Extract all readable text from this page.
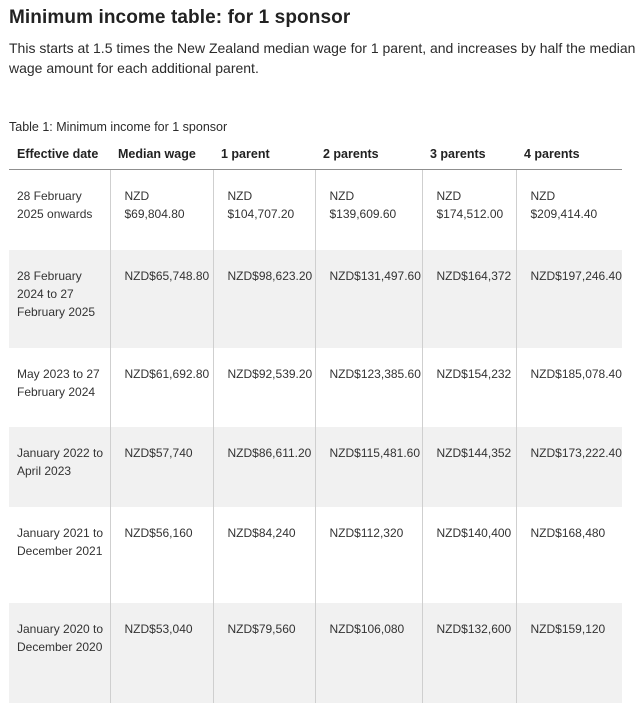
Minimum income table: for 1 sponsor

This starts at 1.5 times the New Zealand median wage for 1 parent, and increases by half the median wage amount for each additional parent.

Table 1: Minimum income for 1 sponsor

Effective date	Median wage	1 parent	2 parents	3 parents	4 parents
28 February 2025 onwards	NZD $69,804.80	NZD $104,707.20	NZD $139,609.60	NZD $174,512.00	NZD $209,414.40
28 February 2024 to 27 February 2025	NZD$65,748.80	NZD$98,623.20	NZD$131,497.60	NZD$164,372	NZD$197,246.40
May 2023 to 27 February 2024	NZD$61,692.80	NZD$92,539.20	NZD$123,385.60	NZD$154,232	NZD$185,078.40
January 2022 to April 2023	NZD$57,740	NZD$86,611.20	NZD$115,481.60	NZD$144,352	NZD$173,222.40
January 2021 to December 2021	NZD$56,160	NZD$84,240	NZD$112,320	NZD$140,400	NZD$168,480
January 2020 to December 2020	NZD$53,040	NZD$79,560	NZD$106,080	NZD$132,600	NZD$159,120
